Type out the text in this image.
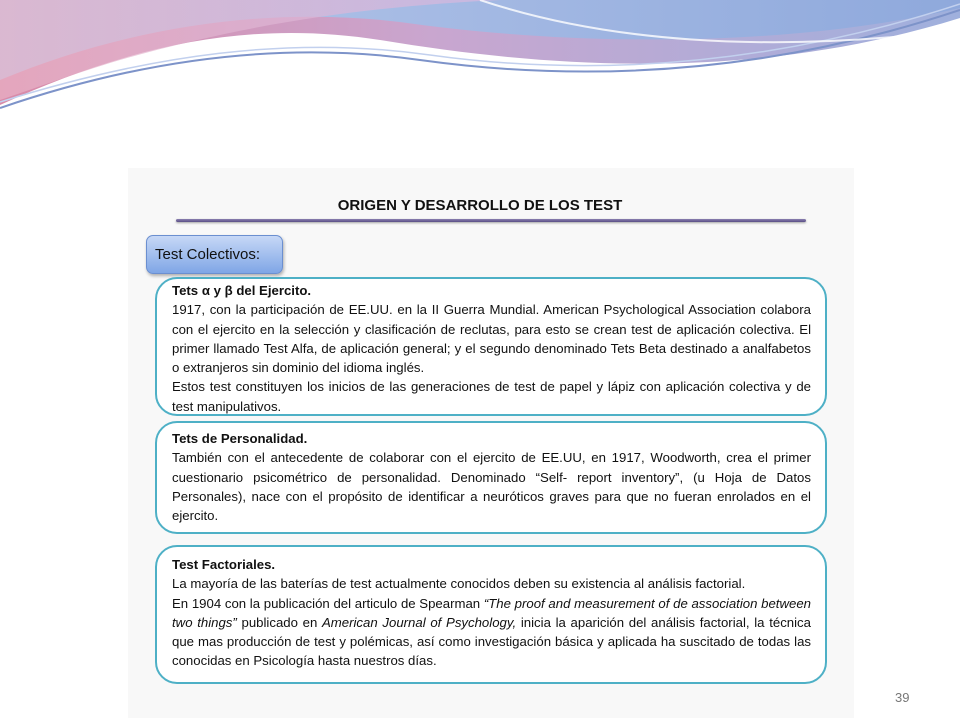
ORIGEN Y DESARROLLO DE LOS TEST
Test Colectivos:

Tets α y β del Ejercito.

1917, con la participación de EE.UU. en la II Guerra Mundial. American Psychological Association colabora con el ejercito en la selección y clasificación de reclutas, para esto se crean test de aplicación colectiva. El primer llamado Test Alfa, de aplicación general; y el segundo denominado Tets Beta destinado a analfabetos o extranjeros sin dominio del idioma inglés.

Estos test constituyen los inicios de las generaciones de test de papel y lápiz con aplicación colectiva y de test manipulativos.

Tets de Personalidad.

También con el antecedente de colaborar con el ejercito de EE.UU, en 1917, Woodworth, crea el primer cuestionario psicométrico de personalidad. Denominado “Self- report inventory”, (u Hoja de Datos Personales), nace con el propósito de identificar a neuróticos graves para que no fueran enrolados en el ejercito.

Test Factoriales.

La mayoría de las baterías de test actualmente conocidos deben su existencia al análisis factorial.

En 1904 con la publicación del articulo de Spearman “The proof and measurement of de association between two things” publicado en American Journal of Psychology, inicia la aparición del análisis factorial, la técnica que mas producción de test y polémicas, así como investigación básica y aplicada ha suscitado de todas las conocidas en Psicología hasta nuestros días.

39
